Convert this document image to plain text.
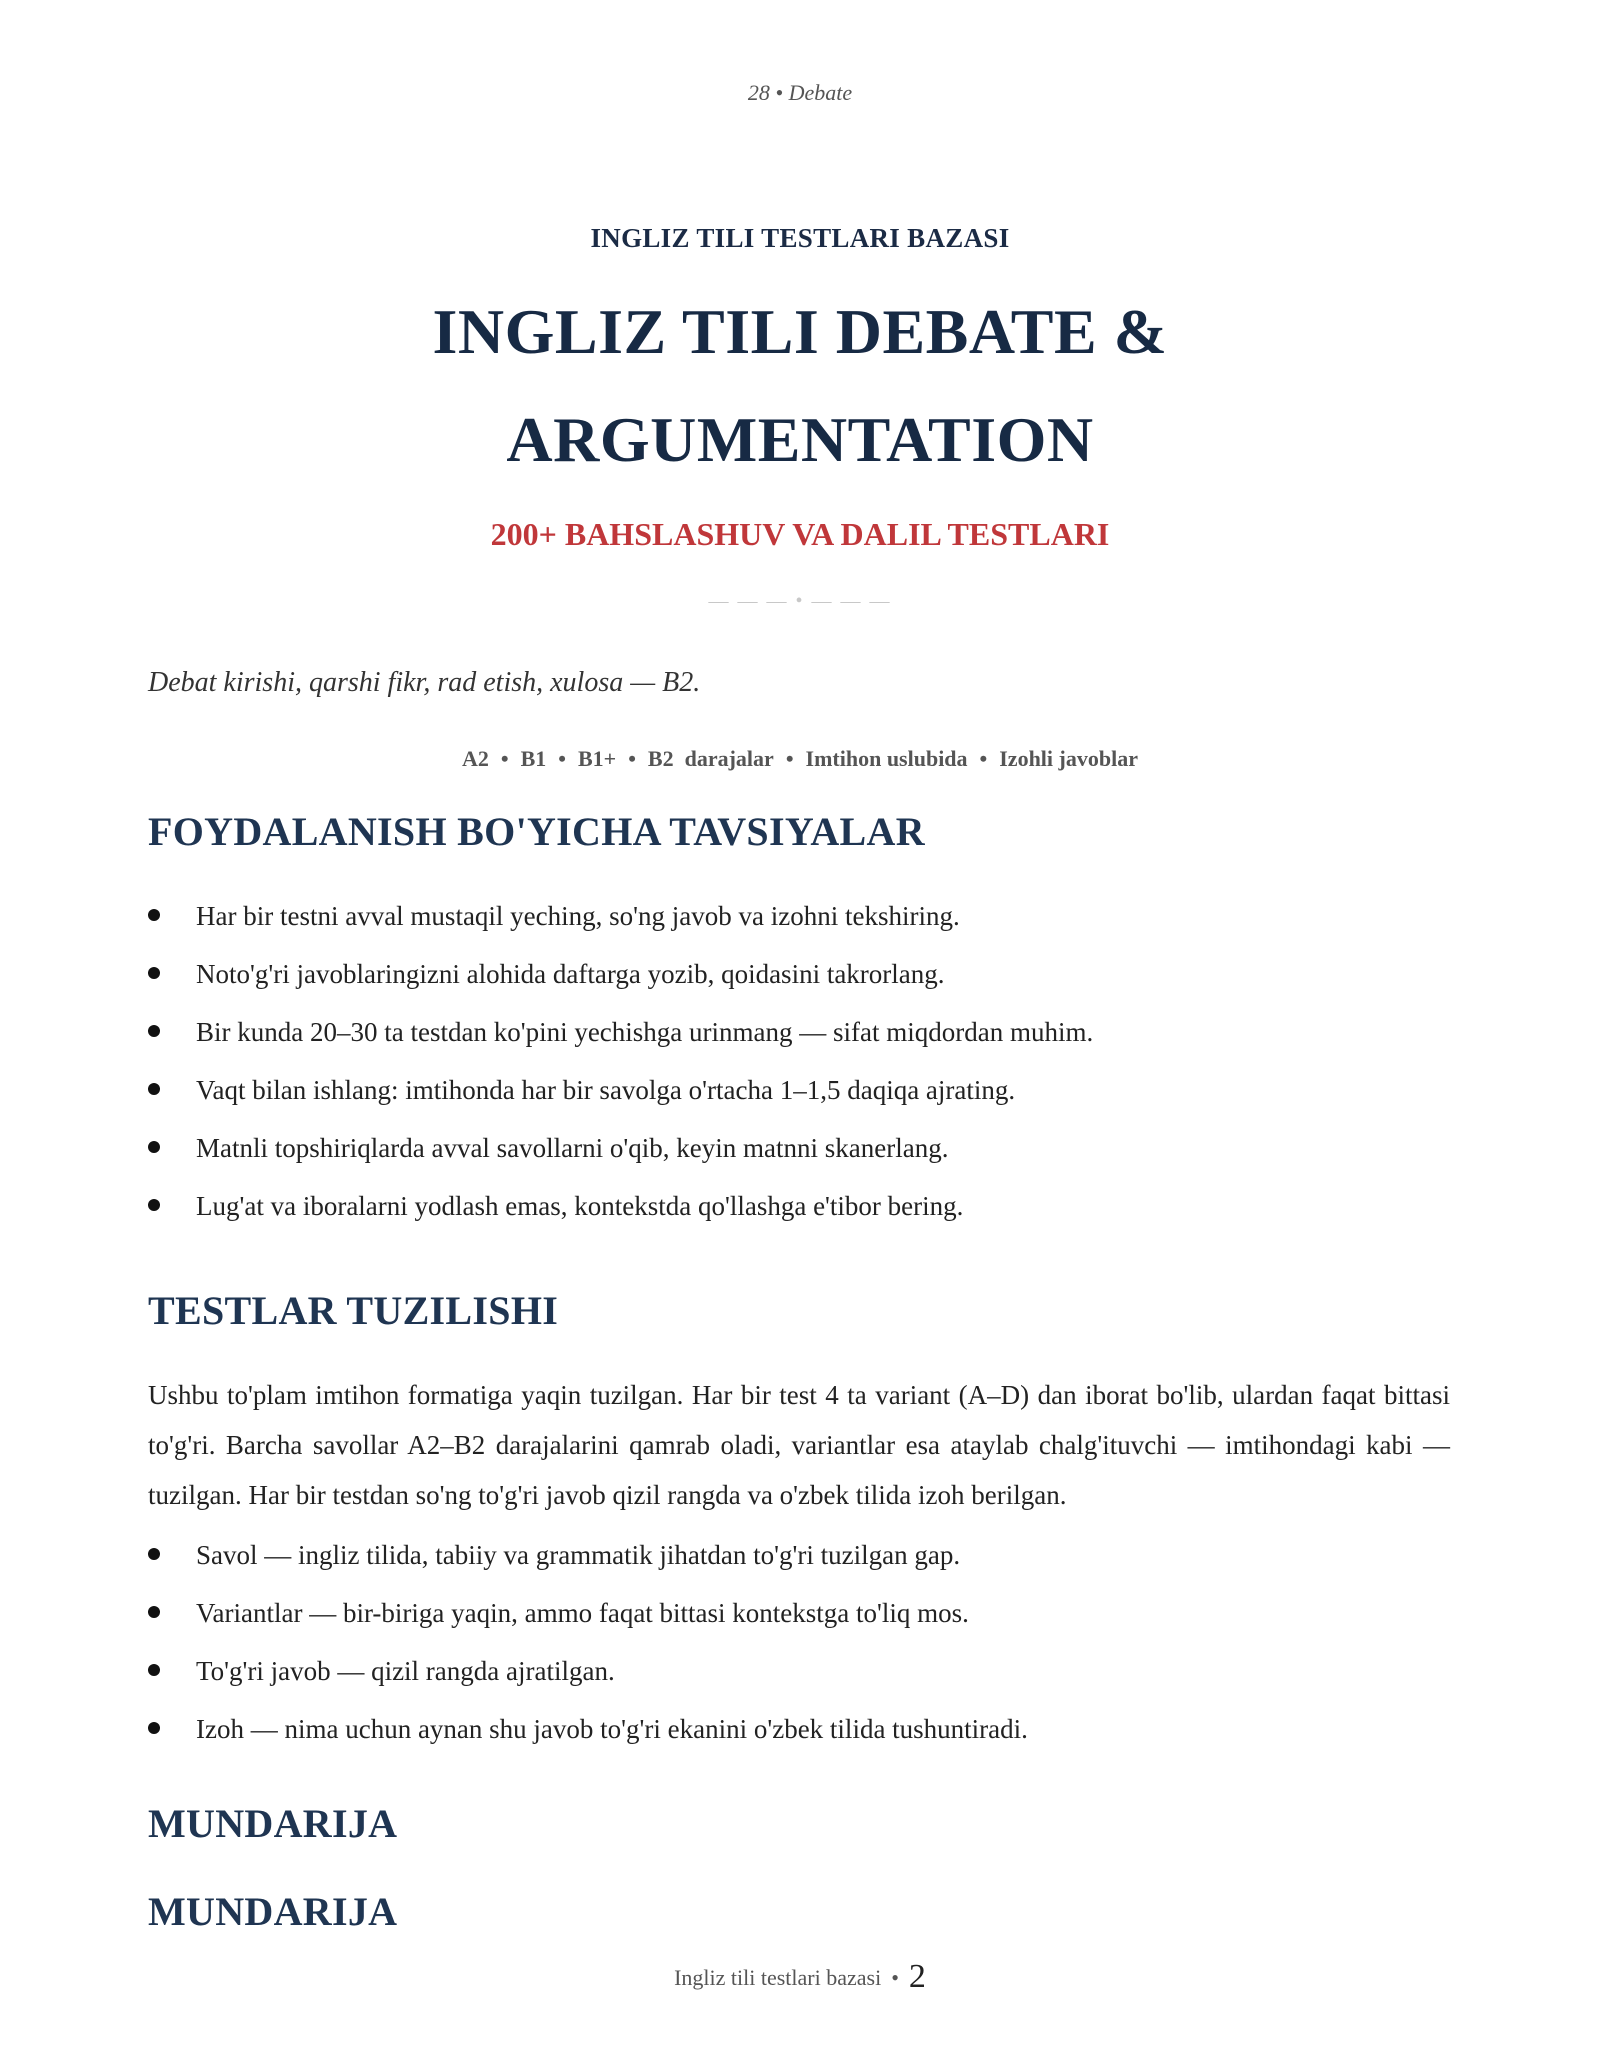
28 • Debate
INGLIZ TILI TESTLARI BAZASI
INGLIZ TILI DEBATE &
ARGUMENTATION
200+ BAHSLASHUV VA DALIL TESTLARI
— — — • — — —
Debat kirishi, qarshi fikr, rad etish, xulosa — B2.
A2 • B1 • B1+ • B2  darajalar • Imtihon uslubida • Izohli javoblar
FOYDALANISH BO'YICHA TAVSIYALAR
Har bir testni avval mustaqil yeching, so'ng javob va izohni tekshiring.
Noto'g'ri javoblaringizni alohida daftarga yozib, qoidasini takrorlang.
Bir kunda 20–30 ta testdan ko'pini yechishga urinmang — sifat miqdordan muhim.
Vaqt bilan ishlang: imtihonda har bir savolga o'rtacha 1–1,5 daqiqa ajrating.
Matnli topshiriqlarda avval savollarni o'qib, keyin matnni skanerlang.
Lug'at va iboralarni yodlash emas, kontekstda qo'llashga e'tibor bering.
TESTLAR TUZILISHI
Ushbu to'plam imtihon formatiga yaqin tuzilgan. Har bir test 4 ta variant (A–D) dan iborat bo'lib, ulardan faqat bittasi to'g'ri. Barcha savollar A2–B2 darajalarini qamrab oladi, variantlar esa ataylab chalg'ituvchi — imtihondagi kabi — tuzilgan. Har bir testdan so'ng to'g'ri javob qizil rangda va o'zbek tilida izoh berilgan.
Savol — ingliz tilida, tabiiy va grammatik jihatdan to'g'ri tuzilgan gap.
Variantlar — bir-biriga yaqin, ammo faqat bittasi kontekstga to'liq mos.
To'g'ri javob — qizil rangda ajratilgan.
Izoh — nima uchun aynan shu javob to'g'ri ekanini o'zbek tilida tushuntiradi.
MUNDARIJA
MUNDARIJA
Ingliz tili testlari bazasi • 2
